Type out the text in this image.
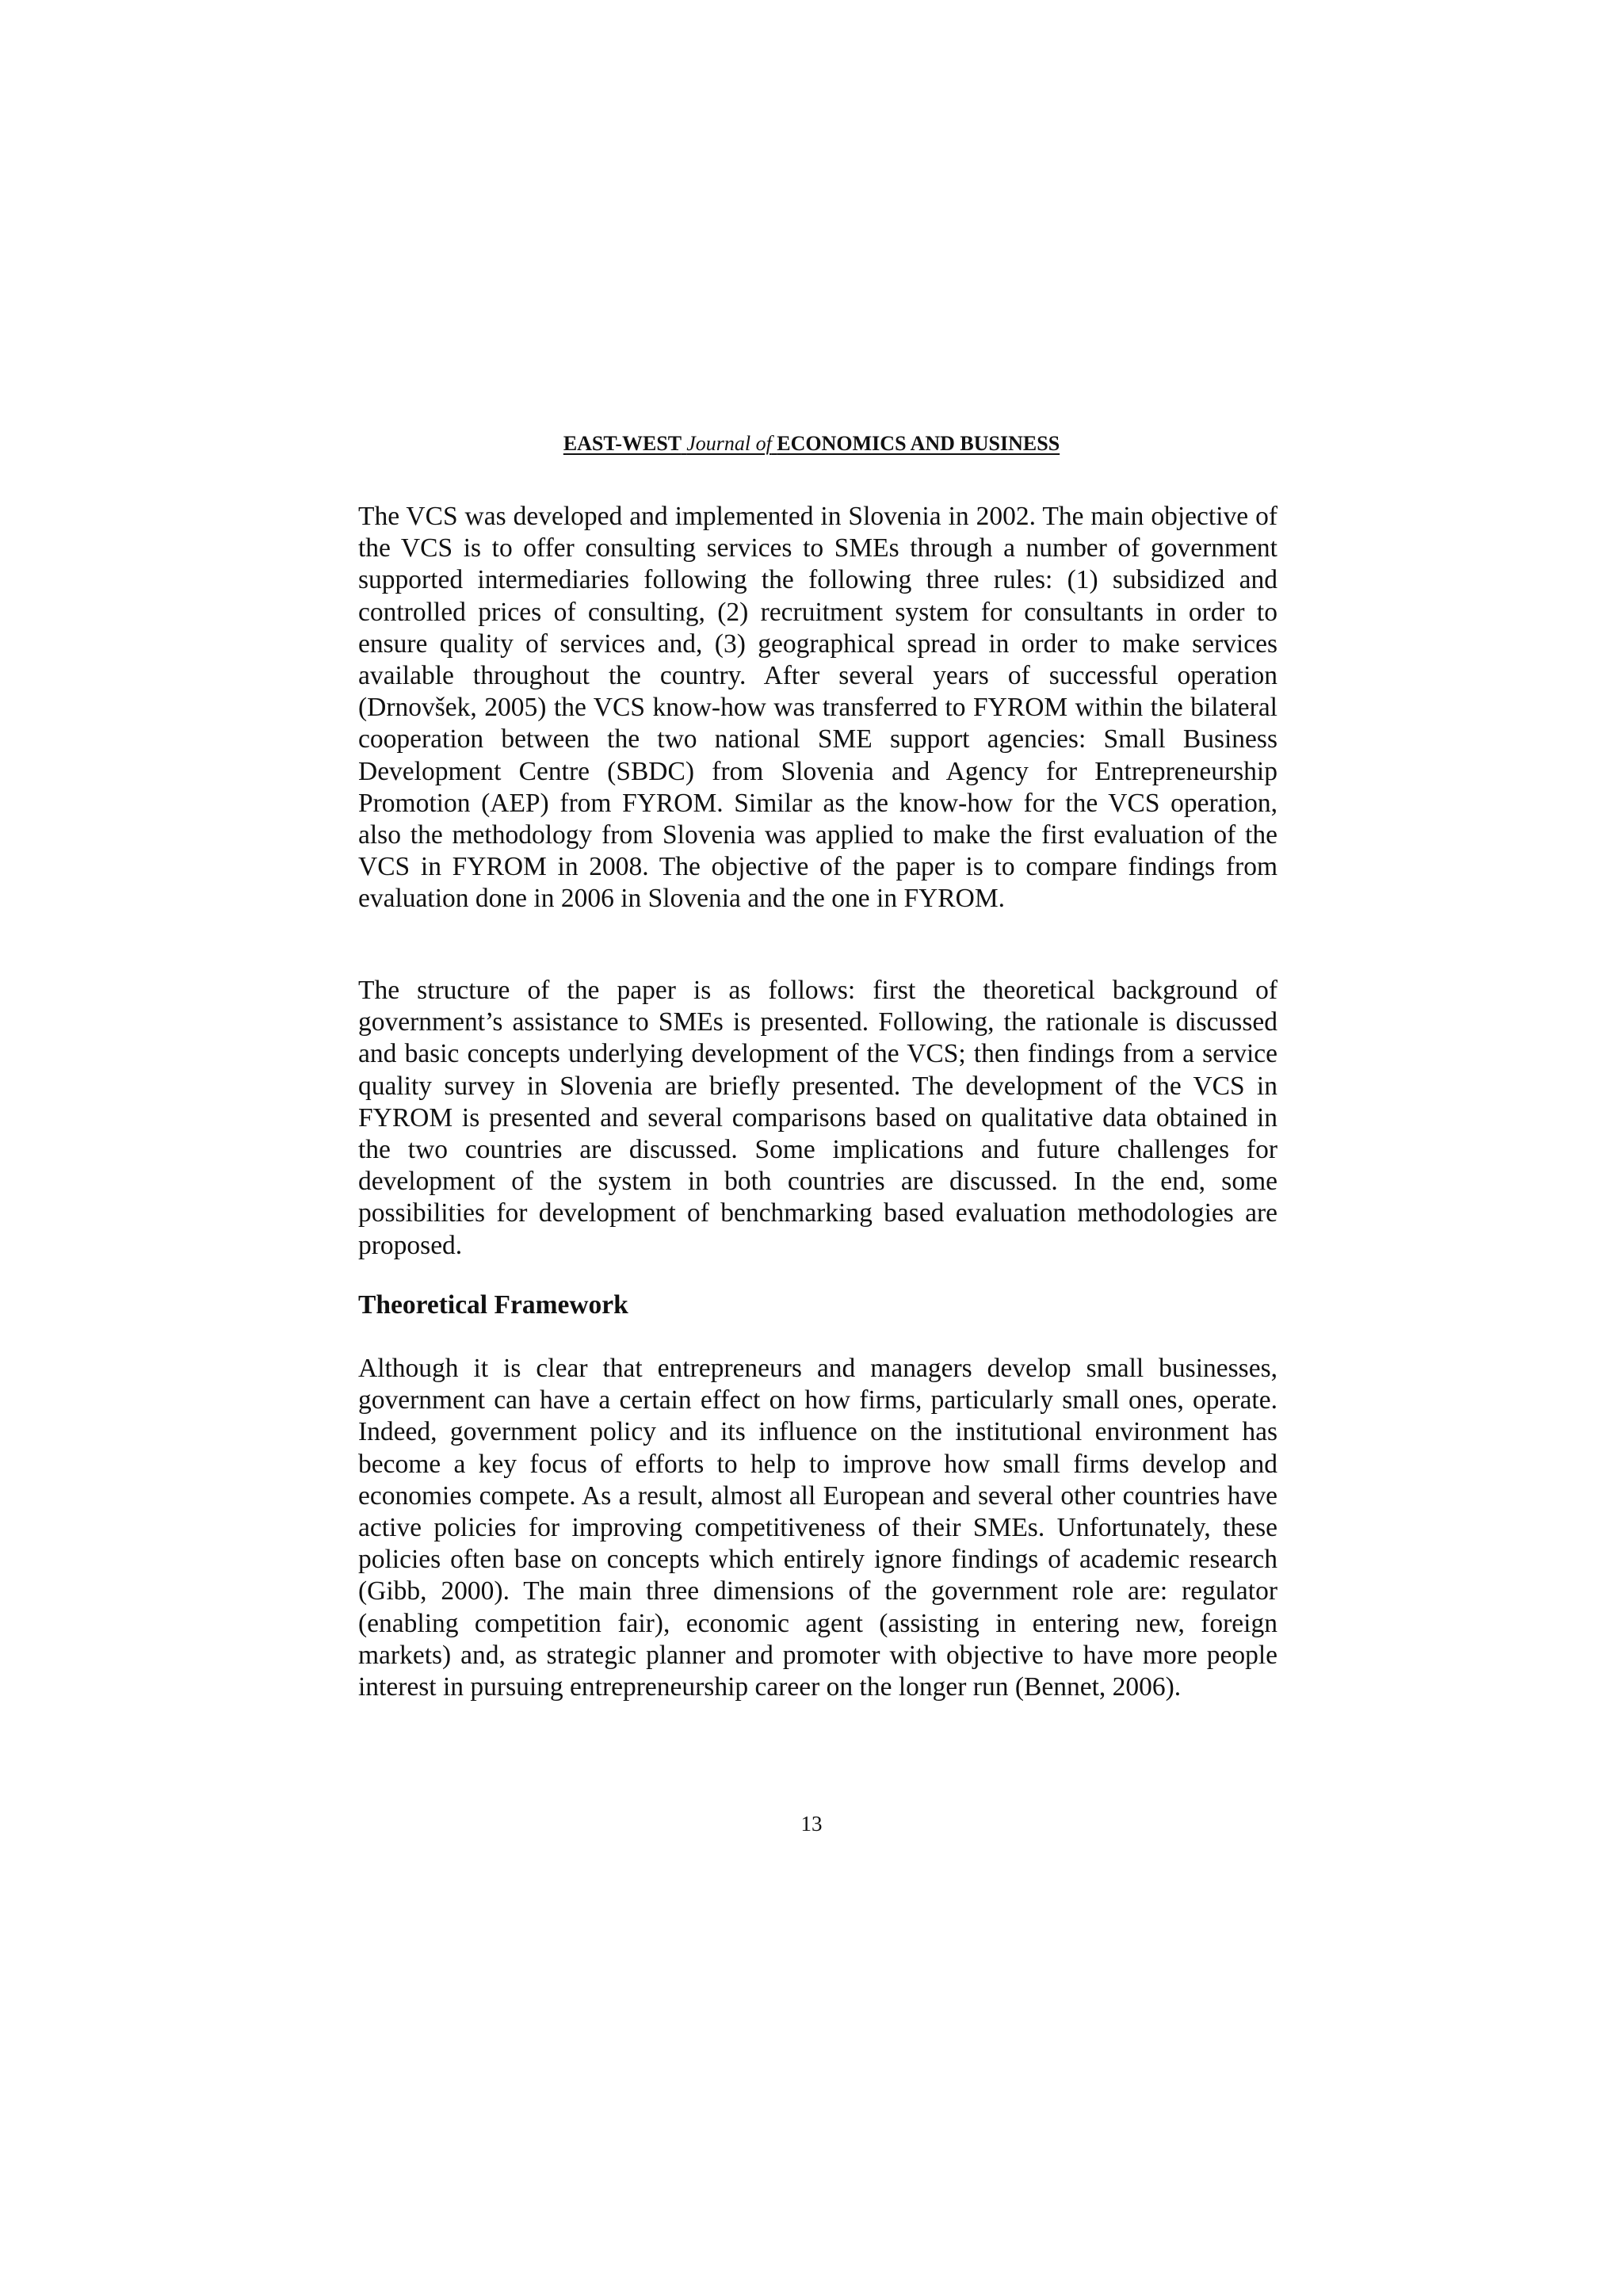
EAST-WEST Journal of ECONOMICS AND BUSINESS

The VCS was developed and implemented in Slovenia in 2002. The main objective of the VCS is to offer consulting services to SMEs through a number of government supported intermediaries following the following three rules: (1) subsidized and controlled prices of consulting, (2) recruitment system for consultants in order to ensure quality of services and, (3) geographical spread in order to make services available throughout the country. After several years of successful operation (Drnovšek, 2005) the VCS know-how was transferred to FYROM within the bilateral cooperation between the two national SME support agencies: Small Business Development Centre (SBDC) from Slovenia and Agency for Entrepreneurship Promotion (AEP) from FYROM. Similar as the know-how for the VCS operation, also the methodology from Slovenia was applied to make the first evaluation of the VCS in FYROM in 2008. The objective of the paper is to compare findings from evaluation done in 2006 in Slovenia and the one in FYROM.

The structure of the paper is as follows: first the theoretical background of government’s assistance to SMEs is presented. Following, the rationale is discussed and basic concepts underlying development of the VCS; then findings from a service quality survey in Slovenia are briefly presented. The development of the VCS in FYROM is presented and several comparisons based on qualitative data obtained in the two countries are discussed. Some implications and future challenges for development of the system in both countries are discussed. In the end, some possibilities for development of benchmarking based evaluation methodologies are proposed.

Theoretical Framework

Although it is clear that entrepreneurs and managers develop small businesses, government can have a certain effect on how firms, particularly small ones, operate. Indeed, government policy and its influence on the institutional environment has become a key focus of efforts to help to improve how small firms develop and economies compete. As a result, almost all European and several other countries have active policies for improving competitiveness of their SMEs. Unfortunately, these policies often base on concepts which entirely ignore findings of academic research (Gibb, 2000). The main three dimensions of the government role are: regulator (enabling competition fair), economic agent (assisting in entering new, foreign markets) and, as strategic planner and promoter with objective to have more people interest in pursuing entrepreneurship career on the longer run (Bennet, 2006).

13
